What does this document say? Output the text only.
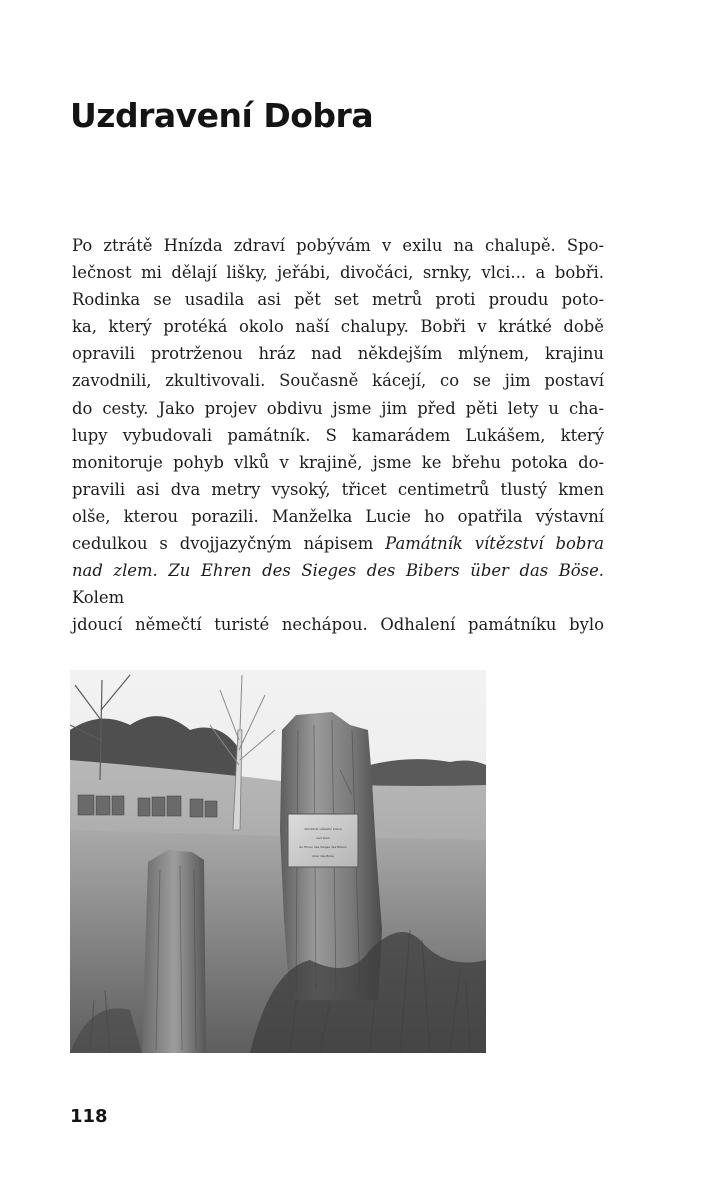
Uzdravení Dobra
Po ztrátě Hnízda zdraví pobývám v exilu na chalupě. Spo-
lečnost mi dělají lišky, jeřábi, divočáci, srnky, vlci... a bobři.
Rodinka se usadila asi pět set metrů proti proudu poto-
ka, který protéká okolo naší chalupy. Bobři v krátké době
opravili protrženou hráz nad někdejším mlýnem, krajinu
zavodnili, zkultivovali. Současně kácejí, co se jim postaví
do cesty. Jako projev obdivu jsme jim před pěti lety u cha-
lupy vybudovali památník. S kamarádem Lukášem, který
monitoruje pohyb vlků v krajině, jsme ke břehu potoka do-
pravili asi dva metry vysoký, třicet centimetrů tlustý kmen
olše, kterou porazili. Manželka Lucie ho opatřila výstavní
cedulkou s dvojjazyčným nápisem Památník vítězství bobra
nad zlem. Zu Ehren des Sieges des Bibers über das Böse. Kolem
jdoucí němečtí turisté nechápou. Odhalení památníku bylo
Památník vítězství bobra
nad zlem
Zu Ehren des Sieges des Bibers
über das Böse
118
